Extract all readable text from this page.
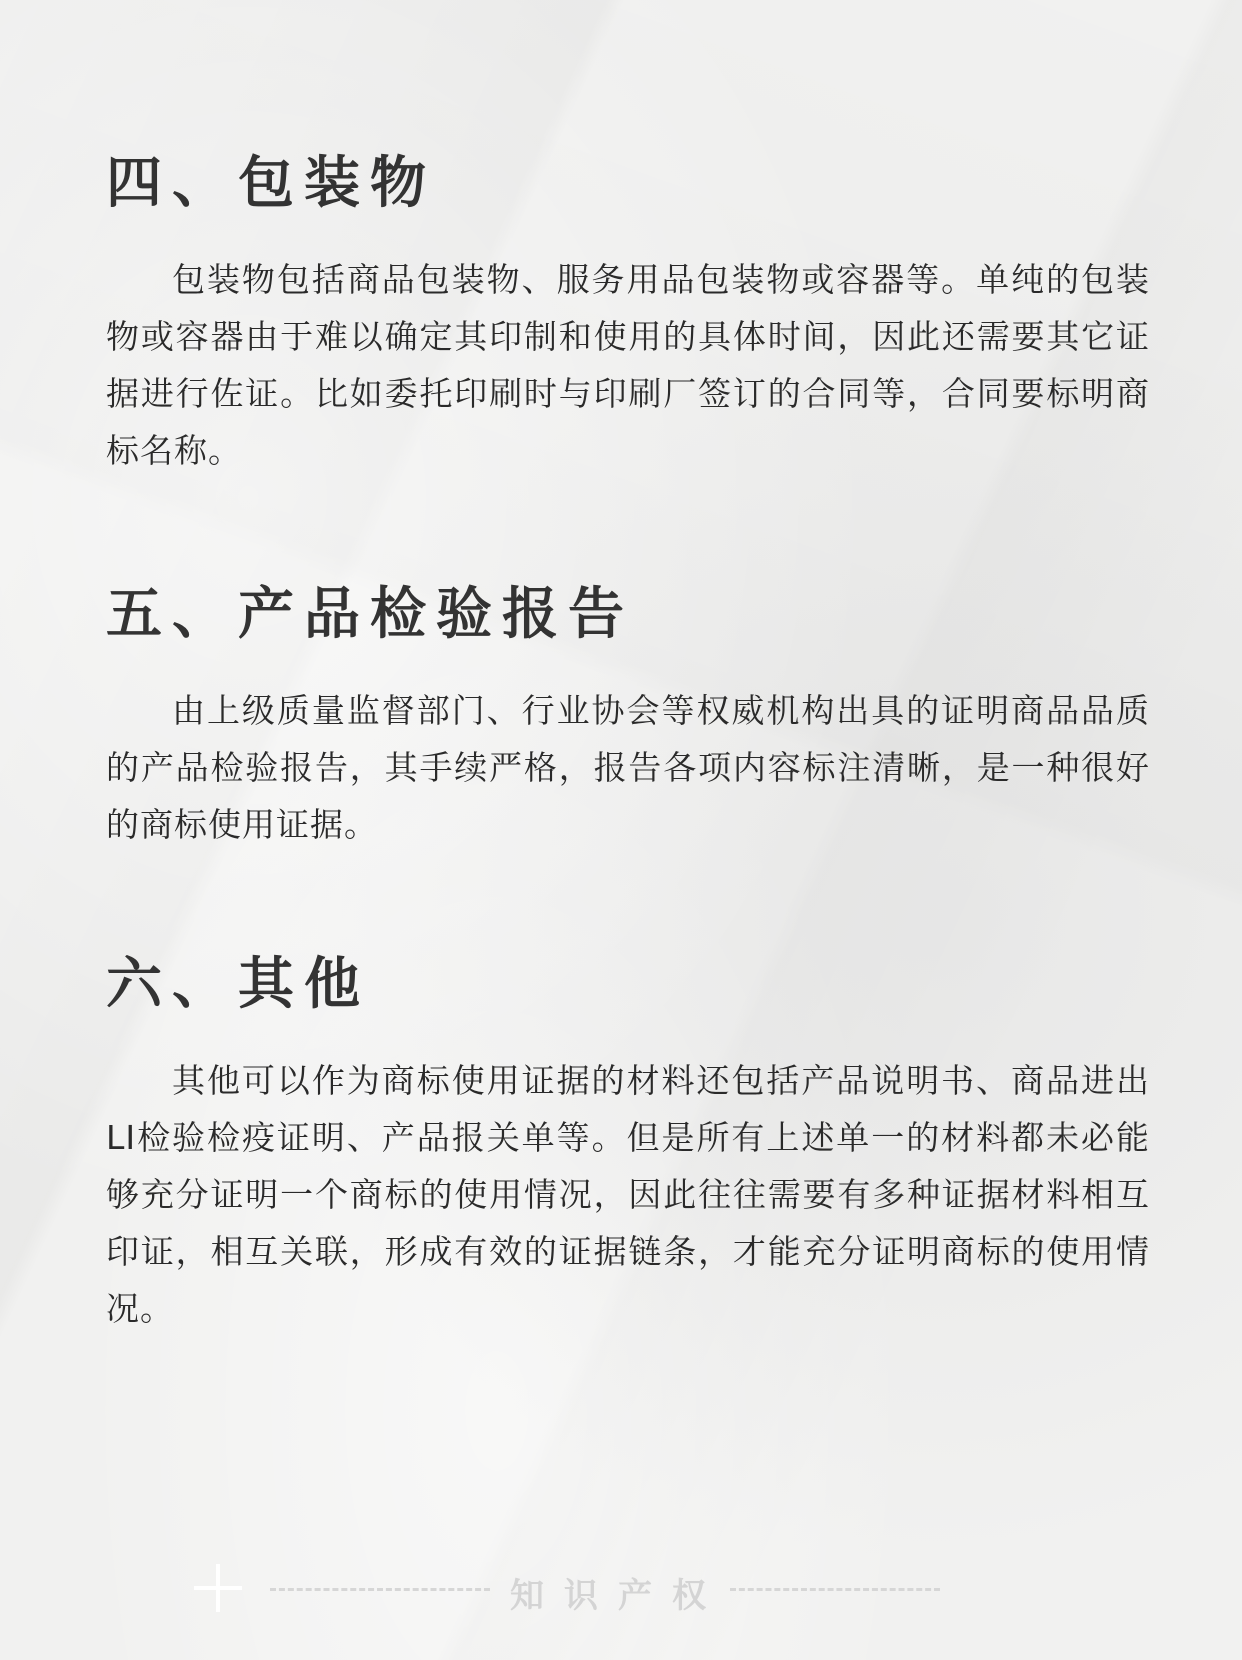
四、包装物

包装物包括商品包装物、服务用品包装物或容器等。单纯的包装物或容器由于难以确定其印制和使用的具体时间，因此还需要其它证据进行佐证。比如委托印刷时与印刷厂签订的合同等，合同要标明商标名称。

五、产品检验报告

由上级质量监督部门、行业协会等权威机构出具的证明商品品质的产品检验报告，其手续严格，报告各项内容标注清晰，是一种很好的商标使用证据。

六、其他

其他可以作为商标使用证据的材料还包括产品说明书、商品进出LI检验检疫证明、产品报关单等。但是所有上述单一的材料都未必能够充分证明一个商标的使用情况，因此往往需要有多种证据材料相互印证，相互关联，形成有效的证据链条，才能充分证明商标的使用情况。

知识产权
